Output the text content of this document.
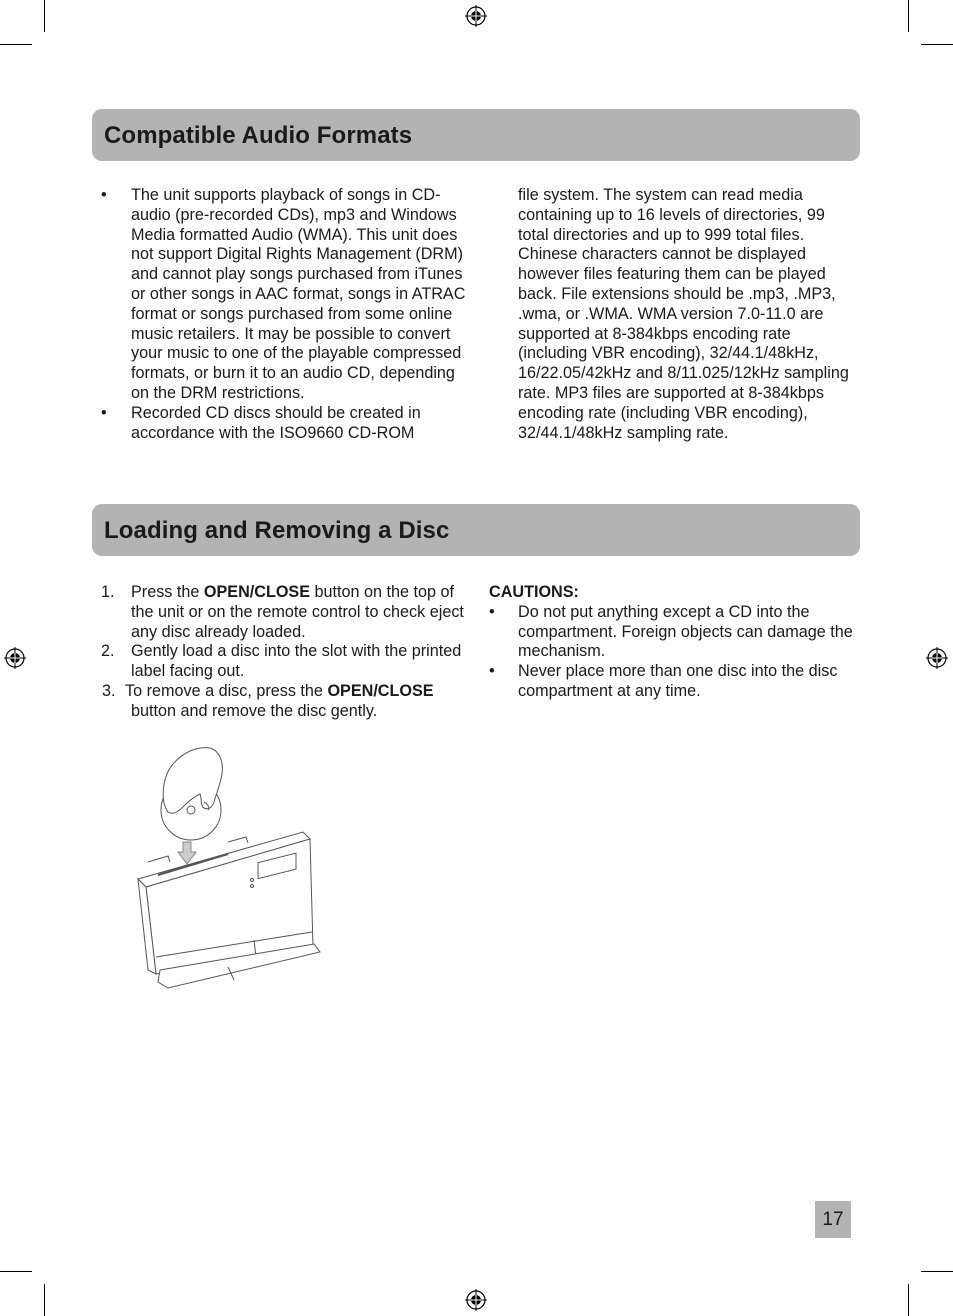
Compatible Audio Formats
•	The unit supports playback of songs in CD-audio (pre-recorded CDs), mp3 and Windows Media formatted Audio (WMA). This unit does not support Digital Rights Management (DRM) and cannot play songs purchased from iTunes or other songs in AAC format, songs in ATRAC format or songs purchased from some online music retailers. It may be possible to convert your music to one of the playable compressed formats, or burn it to an audio CD, depending on the DRM restrictions.
•	Recorded CD discs should be created in accordance with the ISO9660 CD-ROM

file system. The system can read media containing up to 16 levels of directories, 99 total directories and up to 999 total files. Chinese characters cannot be displayed however files featuring them can be played back. File extensions should be .mp3, .MP3, .wma, or .WMA. WMA version 7.0-11.0 are supported at 8-384kbps encoding rate (including VBR encoding), 32/44.1/48kHz, 16/22.05/42kHz and 8/11.025/12kHz sampling rate. MP3 files are supported at 8-384kbps encoding rate (including VBR encoding), 32/44.1/48kHz sampling rate.

Loading and Removing a Disc
1.	Press the OPEN/CLOSE button on the top of the unit or on the remote control to check eject any disc already loaded.
2.	Gently load a disc into the slot with the printed label facing out.
3. To remove a disc, press the OPEN/CLOSE
button and remove the disc gently.
CAUTIONS:
•	Do not put anything except a CD into the compartment. Foreign objects can damage the mechanism.
•	Never place more than one disc into the disc compartment at any time.
17
